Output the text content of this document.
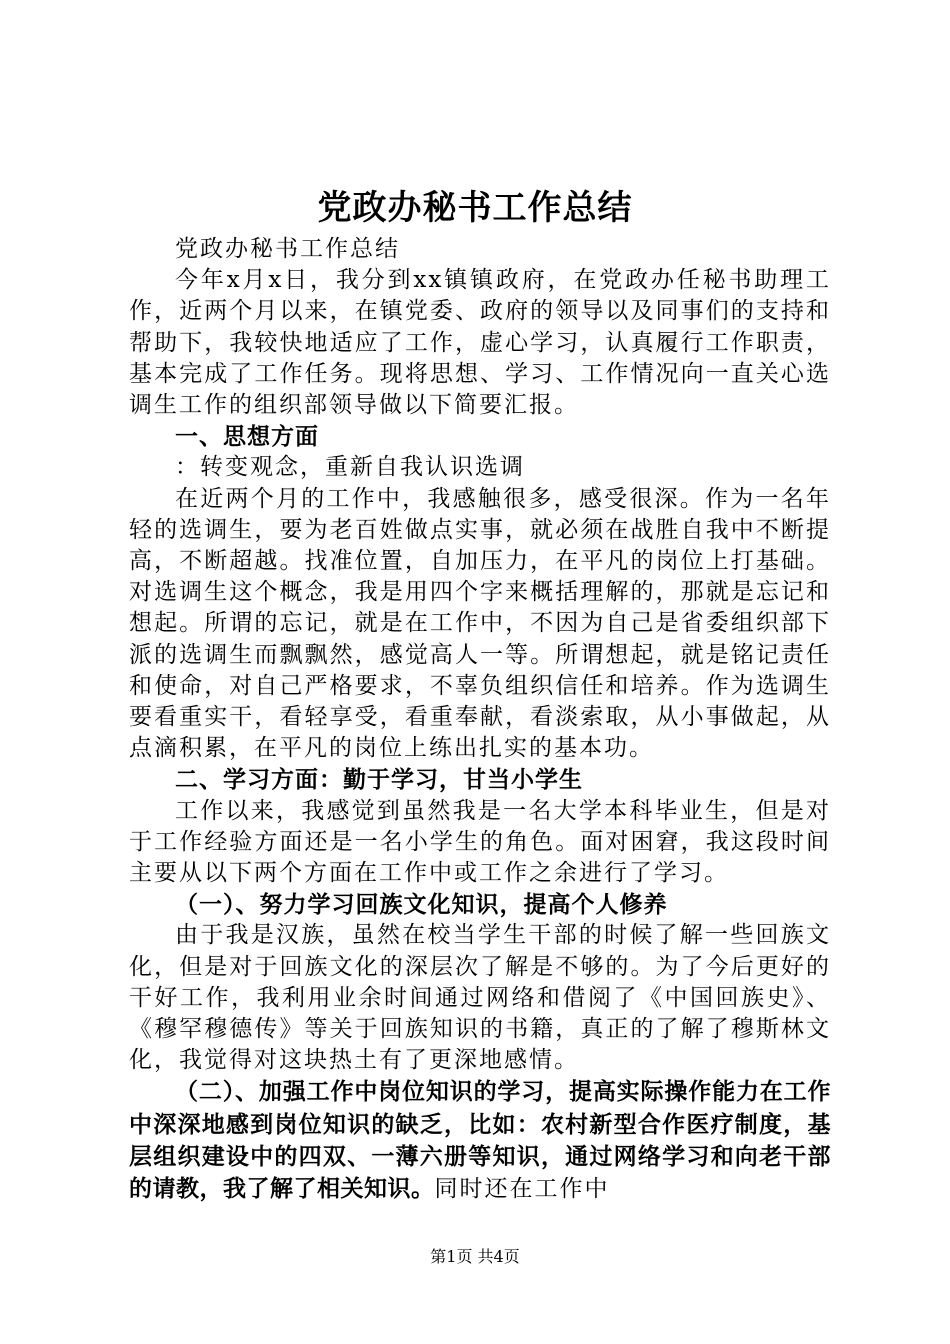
党政办秘书工作总结

党政办秘书工作总结

今年x月x日，我分到xx镇镇政府，在党政办任秘书助理工作，近两个月以来，在镇党委、政府的领导以及同事们的支持和帮助下，我较快地适应了工作，虚心学习，认真履行工作职责，基本完成了工作任务。现将思想、学习、工作情况向一直关心选调生工作的组织部领导做以下简要汇报。

一、思想方面

：转变观念，重新自我认识选调

在近两个月的工作中，我感触很多，感受很深。作为一名年轻的选调生，要为老百姓做点实事，就必须在战胜自我中不断提高，不断超越。找准位置，自加压力，在平凡的岗位上打基础。对选调生这个概念，我是用四个字来概括理解的，那就是忘记和想起。所谓的忘记，就是在工作中，不因为自己是省委组织部下派的选调生而飘飘然，感觉高人一等。所谓想起，就是铭记责任和使命，对自己严格要求，不辜负组织信任和培养。作为选调生要看重实干，看轻享受，看重奉献，看淡索取，从小事做起，从点滴积累，在平凡的岗位上练出扎实的基本功。

二、学习方面：勤于学习，甘当小学生

工作以来，我感觉到虽然我是一名大学本科毕业生，但是对于工作经验方面还是一名小学生的角色。面对困窘，我这段时间主要从以下两个方面在工作中或工作之余进行了学习。

（一）、努力学习回族文化知识，提高个人修养

由于我是汉族，虽然在校当学生干部的时候了解一些回族文化，但是对于回族文化的深层次了解是不够的。为了今后更好的干好工作，我利用业余时间通过网络和借阅了《中国回族史》、《穆罕穆德传》等关于回族知识的书籍，真正的了解了穆斯林文化，我觉得对这块热土有了更深地感情。

（二）、加强工作中岗位知识的学习，提高实际操作能力在工作中深深地感到岗位知识的缺乏，比如：农村新型合作医疗制度，基层组织建设中的四双、一薄六册等知识，通过网络学习和向老干部的请教，我了解了相关知识。同时还在工作中

第1页 共4页
